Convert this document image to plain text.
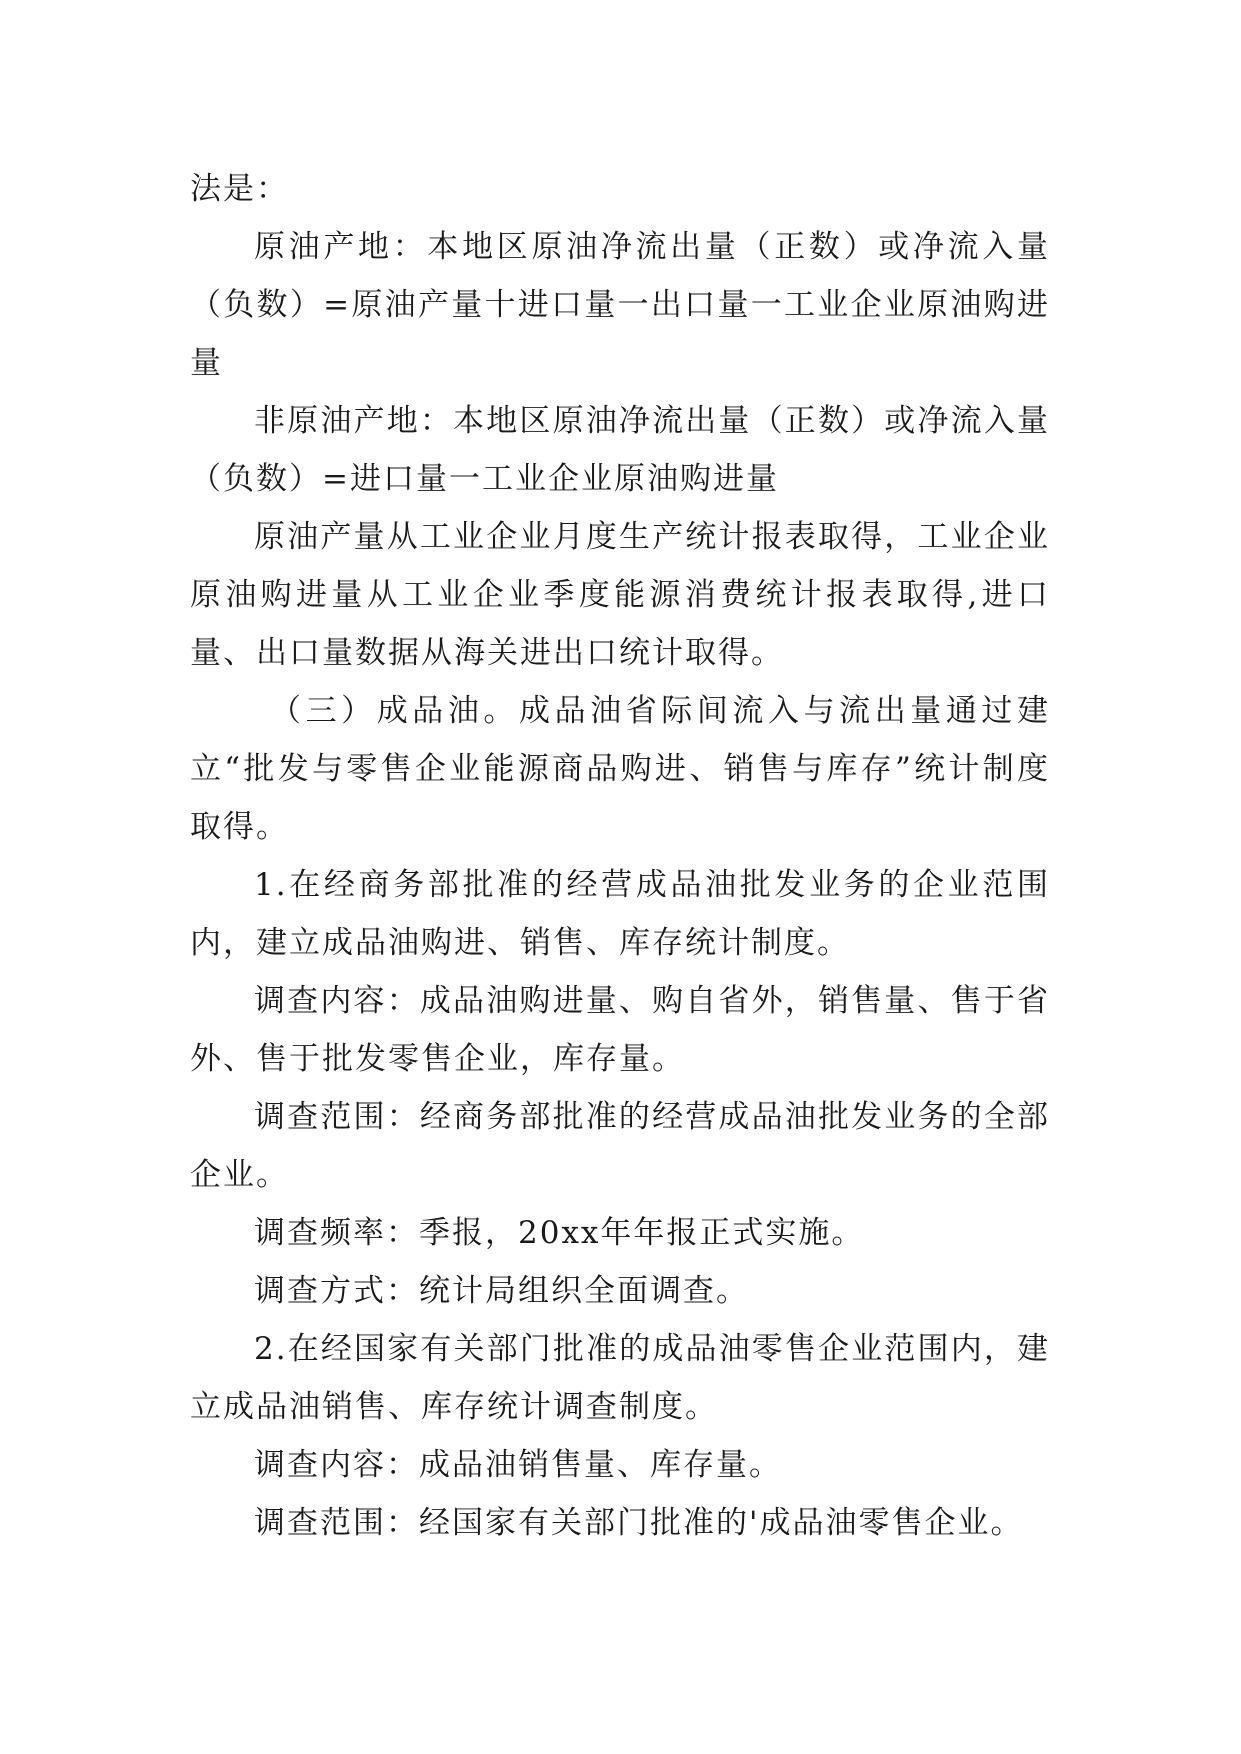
法是：

原油产地：本地区原油净流出量（正数）或净流入量（负数）=原油产量十进口量一出口量一工业企业原油购进量

非原油产地：本地区原油净流出量（正数）或净流入量（负数）=进口量一工业企业原油购进量

原油产量从工业企业月度生产统计报表取得，工业企业原油购进量从工业企业季度能源消费统计报表取得,进口量、出口量数据从海关进出口统计取得。

（三）成品油。成品油省际间流入与流出量通过建立“批发与零售企业能源商品购进、销售与库存”统计制度取得。

1.在经商务部批准的经营成品油批发业务的企业范围内，建立成品油购进、销售、库存统计制度。

调查内容：成品油购进量、购自省外，销售量、售于省外、售于批发零售企业，库存量。

调查范围：经商务部批准的经营成品油批发业务的全部企业。

调查频率：季报，20xx年年报正式实施。

调查方式：统计局组织全面调查。

2.在经国家有关部门批准的成品油零售企业范围内，建立成品油销售、库存统计调查制度。

调查内容：成品油销售量、库存量。

调查范围：经国家有关部门批准的'成品油零售企业。
